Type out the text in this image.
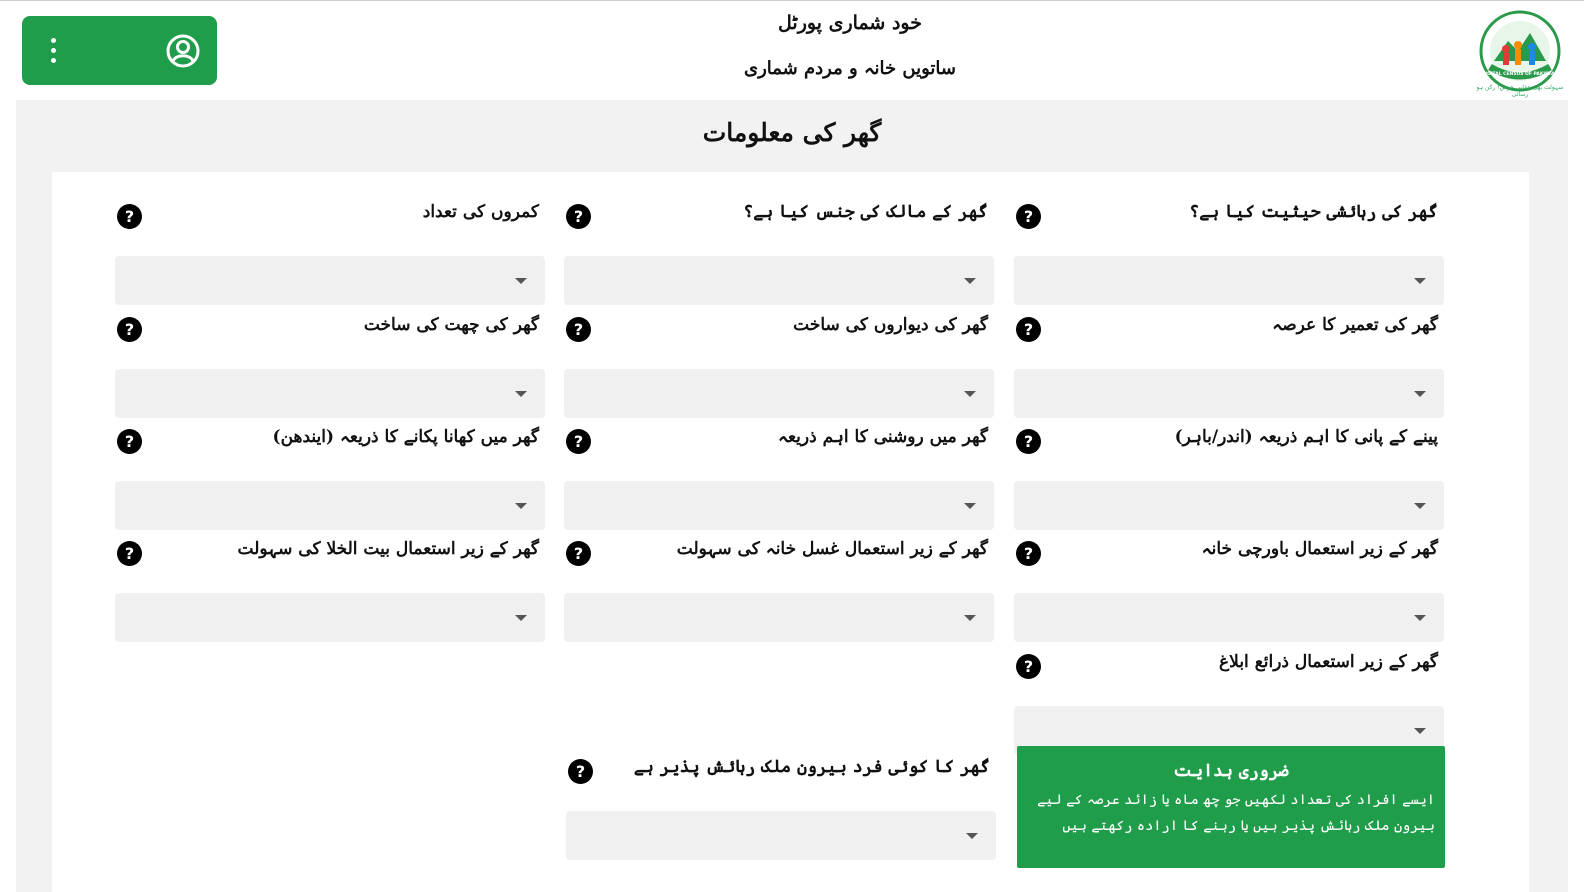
خود شماری پورٹل
ساتویں خانہ و مردم شماری	DIGITAL CENSUS OF PAKISTAN
سہولت بھی عقابی خوش! رکن ہو رسائی
گھر کی معلومات
گھر کی رہائشی حیثیت کیا ہے؟
?
گھر کے مالک کی جنس کیا ہے؟
?
کمروں کی تعداد
?
گھر کی تعمیر کا عرصہ
?
گھر کی دیواروں کی ساخت
?
گھر کی چھت کی ساخت
?
پینے کے پانی کا اہم ذریعہ (اندر/باہر)
?
گھر میں روشنی کا اہم ذریعہ
?
گھر میں کھانا پکانے کا ذریعہ (ایندھن)
?
گھر کے زیر استعمال باورچی خانہ
?
گھر کے زیر استعمال غسل خانہ کی سہولت
?
گھر کے زیر استعمال بیت الخلا کی سہولت
?
گھر کے زیر استعمال ذرائع ابلاغ
?
گھر کا کوئی فرد بیرون ملک رہائش پذیر ہے
?	ضروری ہدایت
ایسے افراد کی تعداد لکھیں جو چھ ماہ یا زائد عرصہ کے لیے بیرون ملک رہائش پذیر ہیں یا رہنے کا ارادہ رکھتے ہیں
